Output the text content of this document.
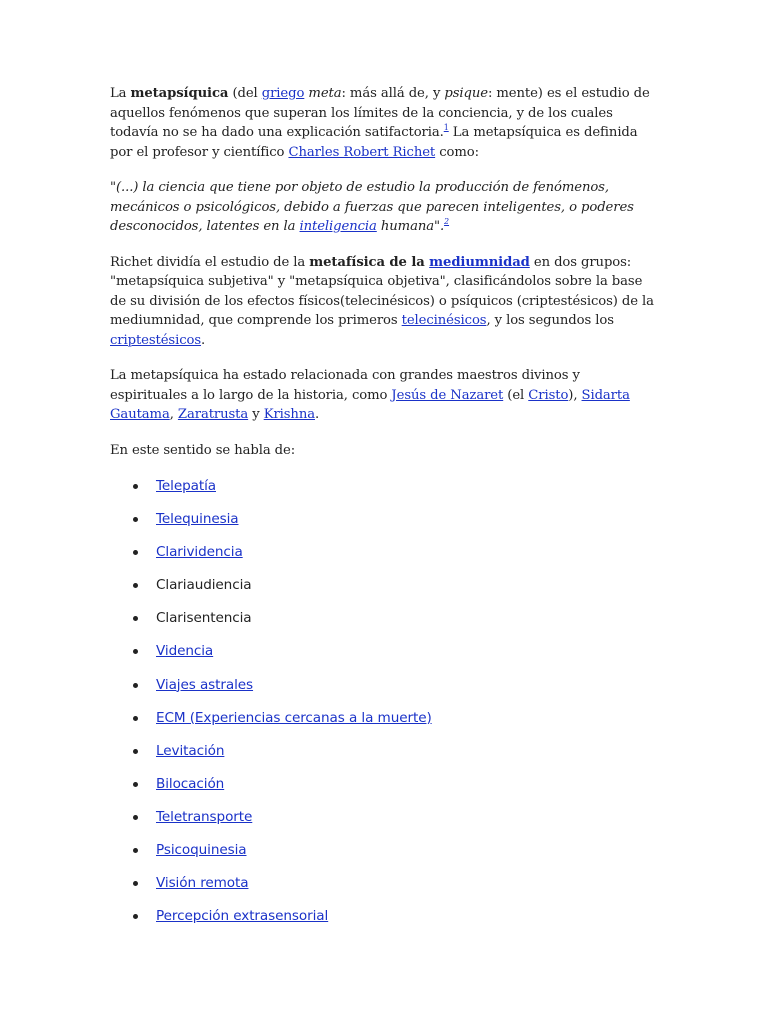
La metapsíquica (del griego meta: más allá de, y psique: mente) es el estudio de aquellos fenómenos que superan los límites de la conciencia, y de los cuales todavía no se ha dado una explicación satifactoria.$^1$ La metapsíquica es definida por el profesor y científico Charles Robert Richet como:

"(...) la ciencia que tiene por objeto de estudio la producción de fenómenos, mecánicos o psicológicos, debido a fuerzas que parecen inteligentes, o poderes desconocidos, latentes en la inteligencia humana".$^2$

Richet dividía el estudio de la metafísica de la mediumnidad en dos grupos: "metapsíquica subjetiva" y "metapsíquica objetiva", clasificándolos sobre la base de su división de los efectos físicos(telecinésicos) o psíquicos (criptestésicos) de la mediumnidad, que comprende los primeros telecinésicos, y los segundos los criptestésicos.

La metapsíquica ha estado relacionada con grandes maestros divinos y espirituales a lo largo de la historia, como Jesús de Nazaret (el Cristo), Sidarta Gautama, Zaratrusta y Krishna.

En este sentido se habla de:

Telepatía
Telequinesia
Clarividencia
Clariaudiencia
Clarisentencia
Videncia
Viajes astrales
ECM (Experiencias cercanas a la muerte)
Levitación
Bilocación
Teletransporte
Psicoquinesia
Visión remota
Percepción extrasensorial
